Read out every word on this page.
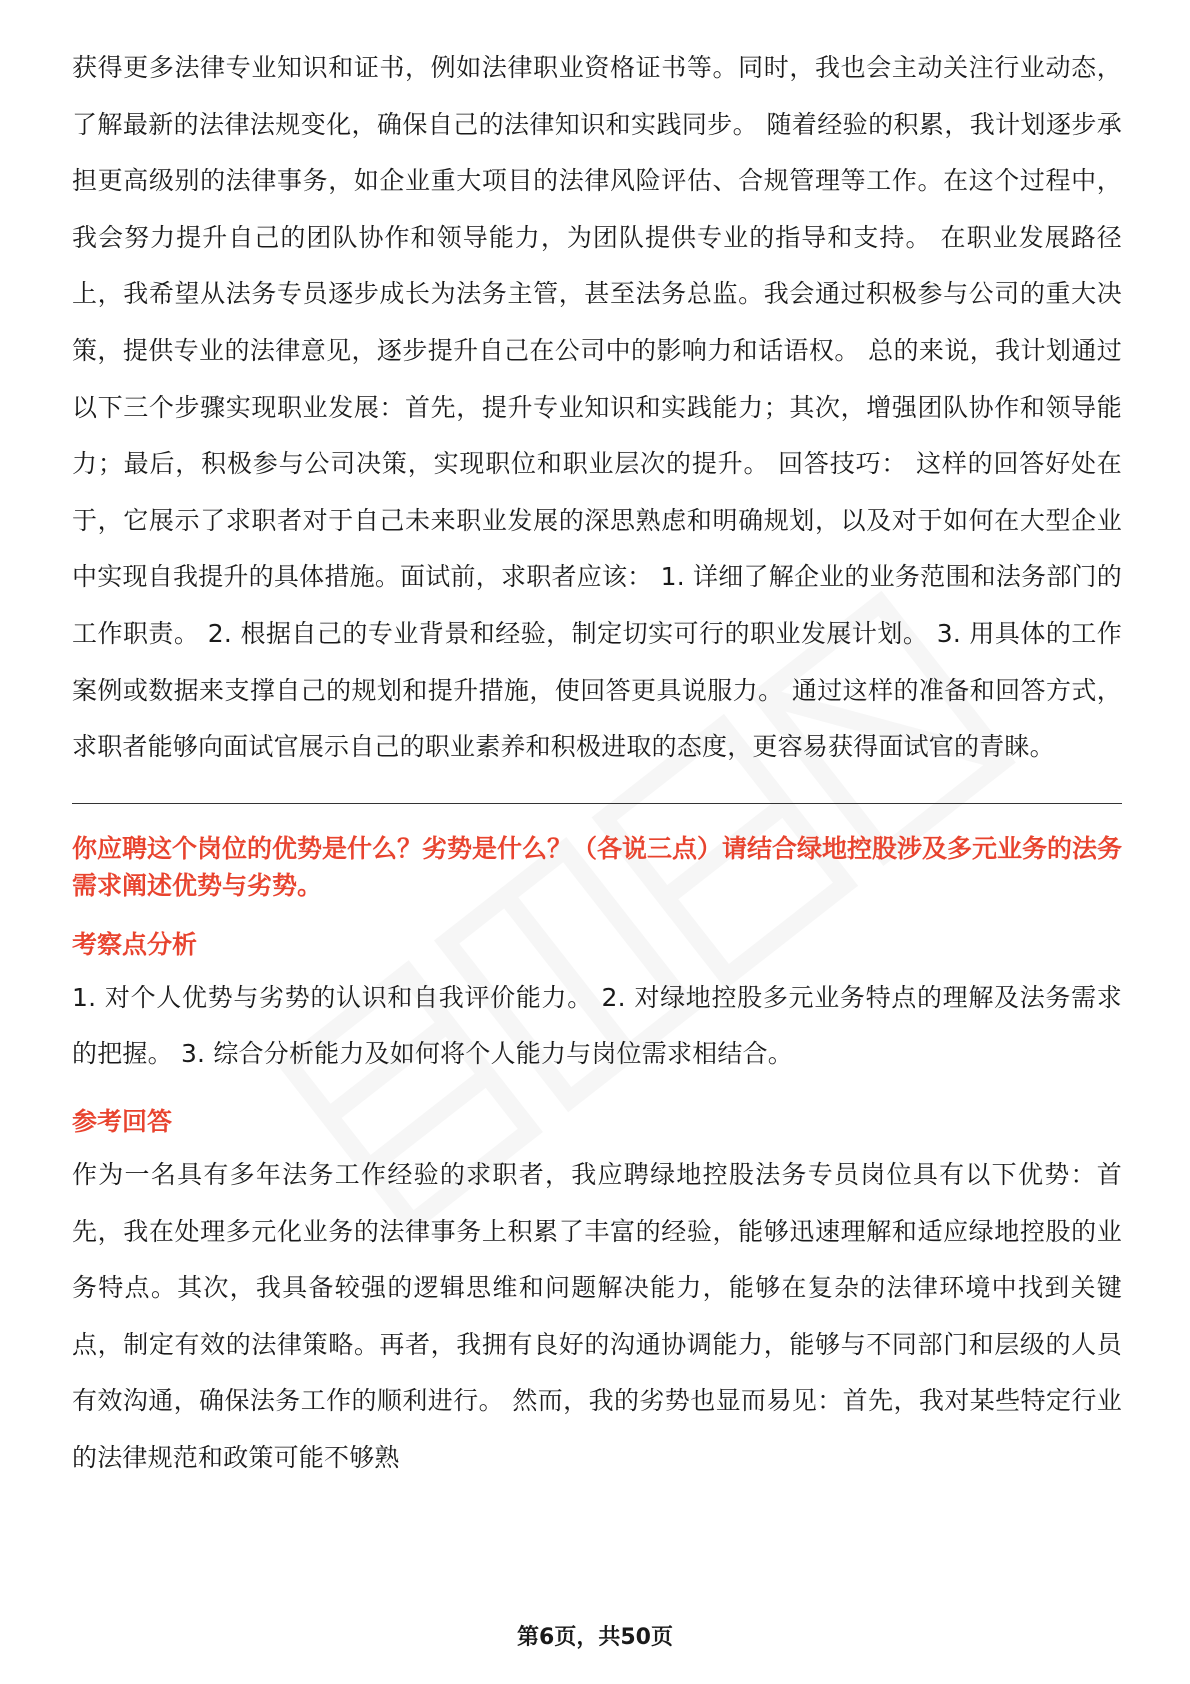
获得更多法律专业知识和证书，例如法律职业资格证书等。同时，我也会主动关注行业动态，了解最新的法律法规变化，确保自己的法律知识和实践同步。 随着经验的积累，我计划逐步承担更高级别的法律事务，如企业重大项目的法律风险评估、合规管理等工作。在这个过程中，我会努力提升自己的团队协作和领导能力，为团队提供专业的指导和支持。 在职业发展路径上，我希望从法务专员逐步成长为法务主管，甚至法务总监。我会通过积极参与公司的重大决策，提供专业的法律意见，逐步提升自己在公司中的影响力和话语权。 总的来说，我计划通过以下三个步骤实现职业发展：首先，提升专业知识和实践能力；其次，增强团队协作和领导能力；最后，积极参与公司决策，实现职位和职业层次的提升。 回答技巧： 这样的回答好处在于，它展示了求职者对于自己未来职业发展的深思熟虑和明确规划，以及对于如何在大型企业中实现自我提升的具体措施。面试前，求职者应该： 1. 详细了解企业的业务范围和法务部门的工作职责。 2. 根据自己的专业背景和经验，制定切实可行的职业发展计划。 3. 用具体的工作案例或数据来支撑自己的规划和提升措施，使回答更具说服力。 通过这样的准备和回答方式，求职者能够向面试官展示自己的职业素养和积极进取的态度，更容易获得面试官的青睐。

你应聘这个岗位的优势是什么？劣势是什么？（各说三点）请结合绿地控股涉及多元业务的法务需求阐述优势与劣势。

考察点分析

1. 对个人优势与劣势的认识和自我评价能力。 2. 对绿地控股多元业务特点的理解及法务需求的把握。 3. 综合分析能力及如何将个人能力与岗位需求相结合。

参考回答

作为一名具有多年法务工作经验的求职者，我应聘绿地控股法务专员岗位具有以下优势：首先，我在处理多元化业务的法律事务上积累了丰富的经验，能够迅速理解和适应绿地控股的业务特点。其次，我具备较强的逻辑思维和问题解决能力，能够在复杂的法律环境中找到关键点，制定有效的法律策略。再者，我拥有良好的沟通协调能力，能够与不同部门和层级的人员有效沟通，确保法务工作的顺利进行。 然而，我的劣势也显而易见：首先，我对某些特定行业的法律规范和政策可能不够熟

第6页，共50页
